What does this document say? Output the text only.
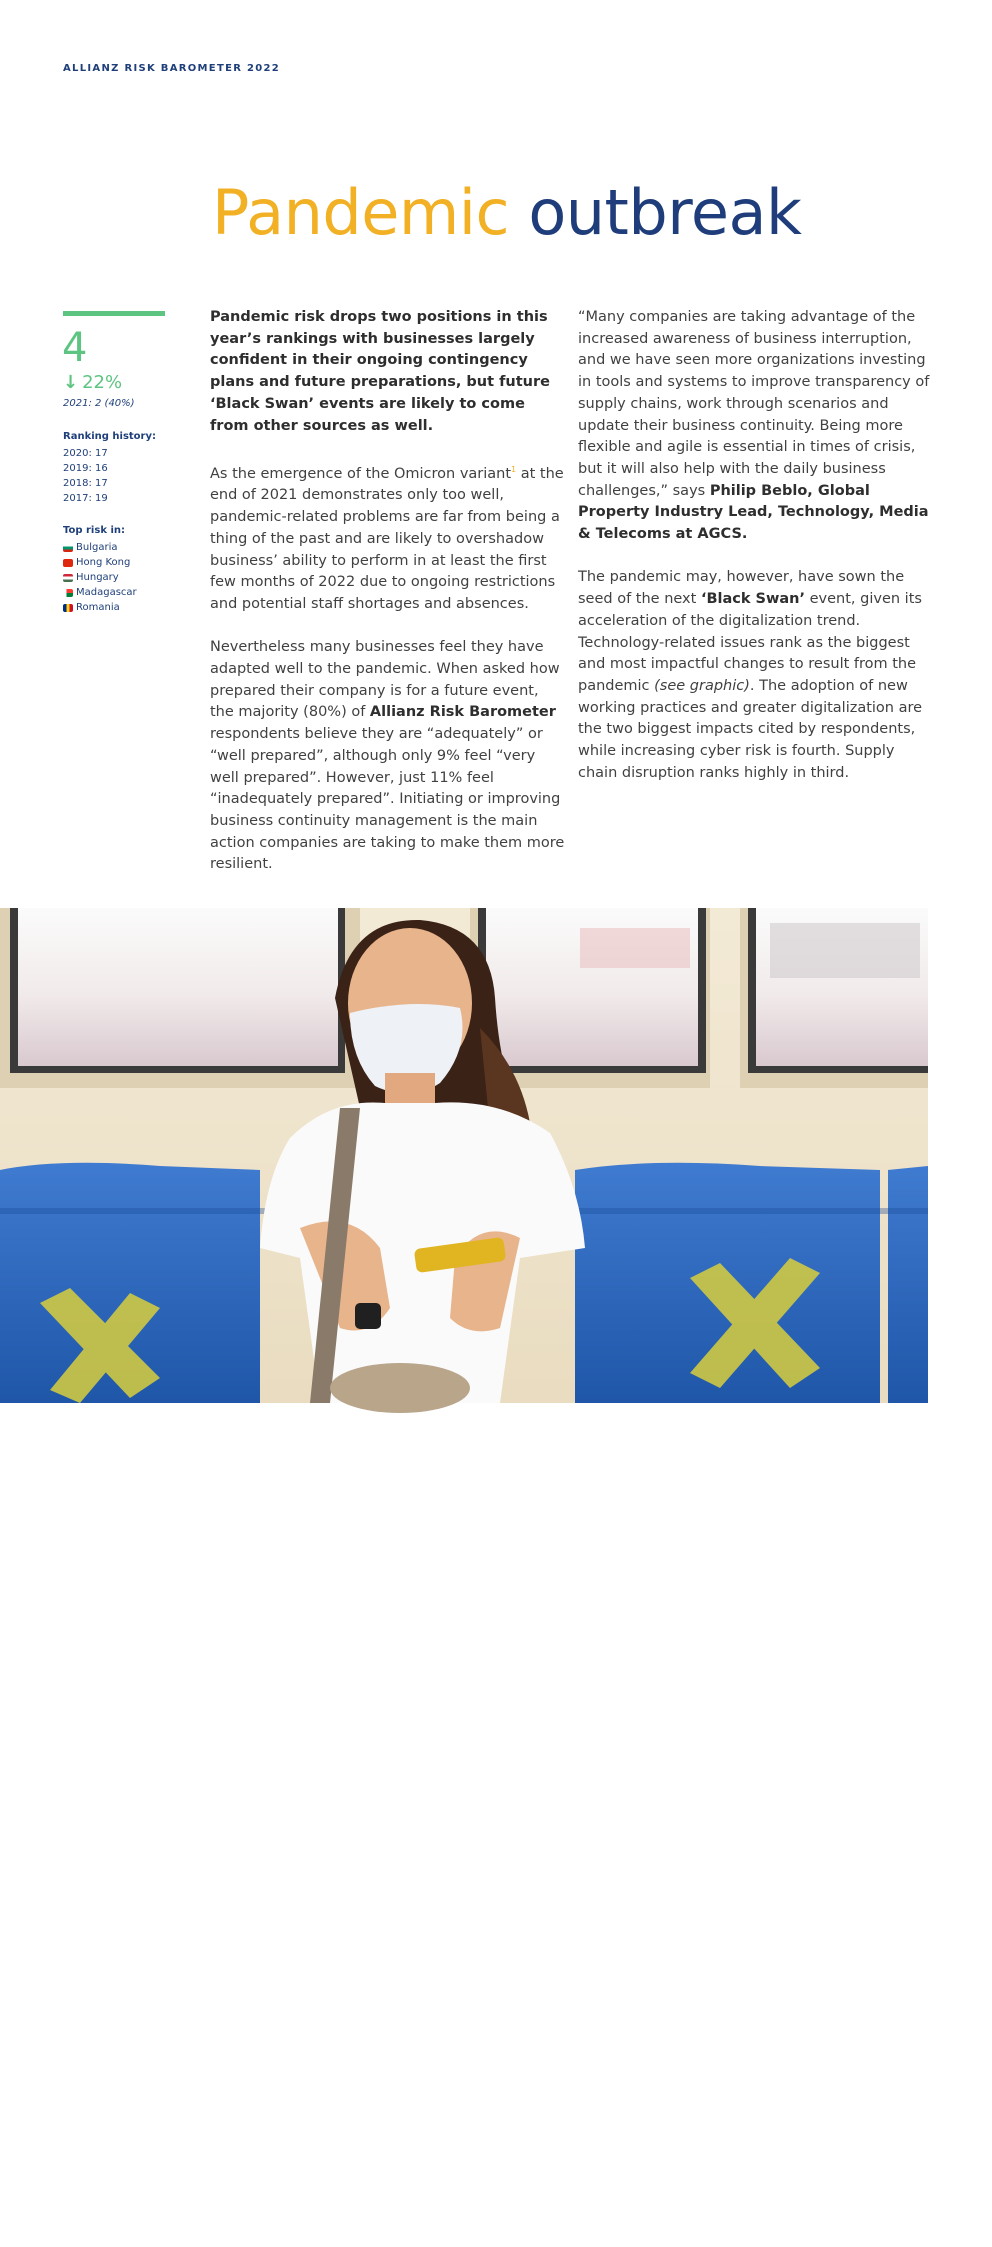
ALLIANZ RISK BAROMETER 2022
Pandemic outbreak
4
↓ 22%
2021: 2 (40%)
Ranking history:
2020: 17
2019: 16
2018: 17
2017: 19
Top risk in:
Bulgaria
Hong Kong
Hungary
Madagascar
Romania

Pandemic risk drops two positions in this year’s rankings with businesses largely confident in their ongoing contingency plans and future preparations, but future ‘Black Swan’ events are likely to come from other sources as well.

As the emergence of the Omicron variant$^1$ at the end of 2021 demonstrates only too well, pandemic-related problems are far from being a thing of the past and are likely to overshadow business’ ability to perform in at least the first few months of 2022 due to ongoing restrictions and potential staff shortages and absences.

Nevertheless many businesses feel they have adapted well to the pandemic. When asked how prepared their company is for a future event, the majority (80%) of Allianz Risk Barometer respondents believe they are “adequately” or “well prepared”, although only 9% feel “very well prepared”. However, just 11% feel “inadequately prepared”. Initiating or improving business continuity management is the main action companies are taking to make them more resilient.

“Many companies are taking advantage of the increased awareness of business interruption, and we have seen more organizations investing in tools and systems to improve transparency of supply chains, work through scenarios and update their business continuity. Being more flexible and agile is essential in times of crisis, but it will also help with the daily business challenges,” says Philip Beblo, Global Property Industry Lead, Technology, Media & Telecoms at AGCS.

The pandemic may, however, have sown the seed of the next ‘Black Swan’ event, given its acceleration of the digitalization trend. Technology-related issues rank as the biggest and most impactful changes to result from the pandemic (see graphic). The adoption of new working practices and greater digitalization are the two biggest impacts cited by respondents, while increasing cyber risk is fourth. Supply chain disruption ranks highly in third.

20
